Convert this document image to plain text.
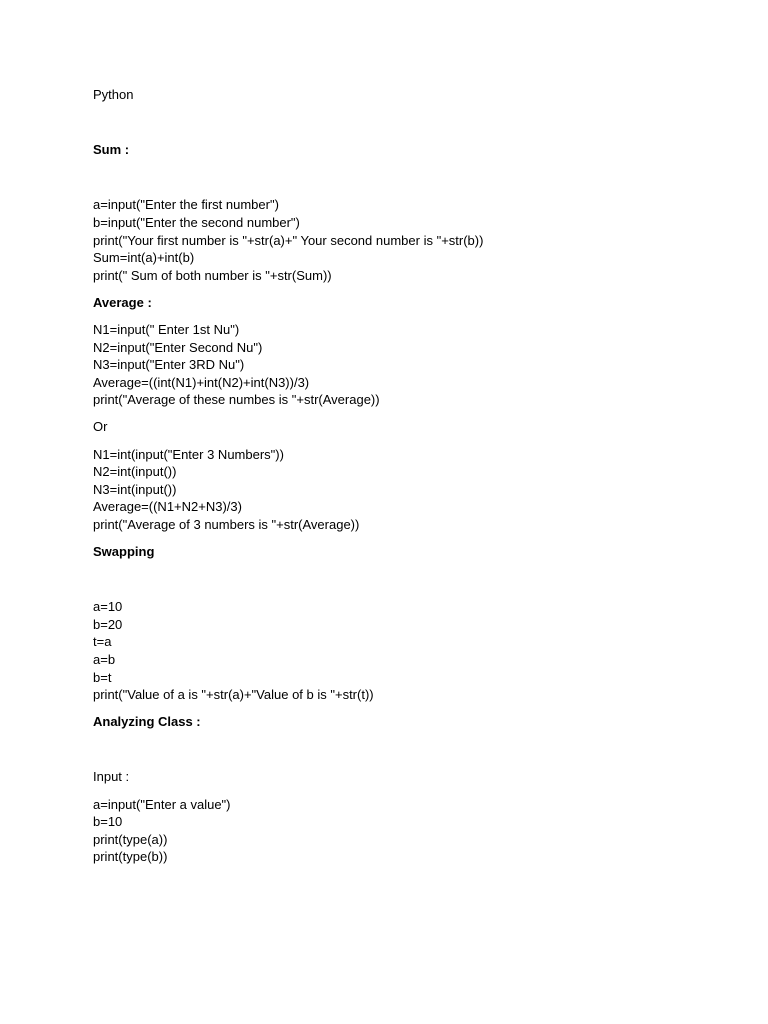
Python
Sum :
a=input("Enter the first number")
b=input("Enter the second number")
print("Your first number is "+str(a)+" Your second number is "+str(b))
Sum=int(a)+int(b)
print(" Sum of both number is "+str(Sum))
Average :
N1=input(" Enter 1st Nu")
N2=input("Enter Second Nu")
N3=input("Enter 3RD Nu")
Average=((int(N1)+int(N2)+int(N3))/3)
print("Average of these numbes is "+str(Average))
Or
N1=int(input("Enter 3 Numbers"))
N2=int(input())
N3=int(input())
Average=((N1+N2+N3)/3)
print("Average of 3 numbers is "+str(Average))
Swapping
a=10
b=20
t=a
a=b
b=t
print("Value of a is "+str(a)+"Value of b is "+str(t))
Analyzing Class :
Input :
a=input("Enter a value")
b=10
print(type(a))
print(type(b))
